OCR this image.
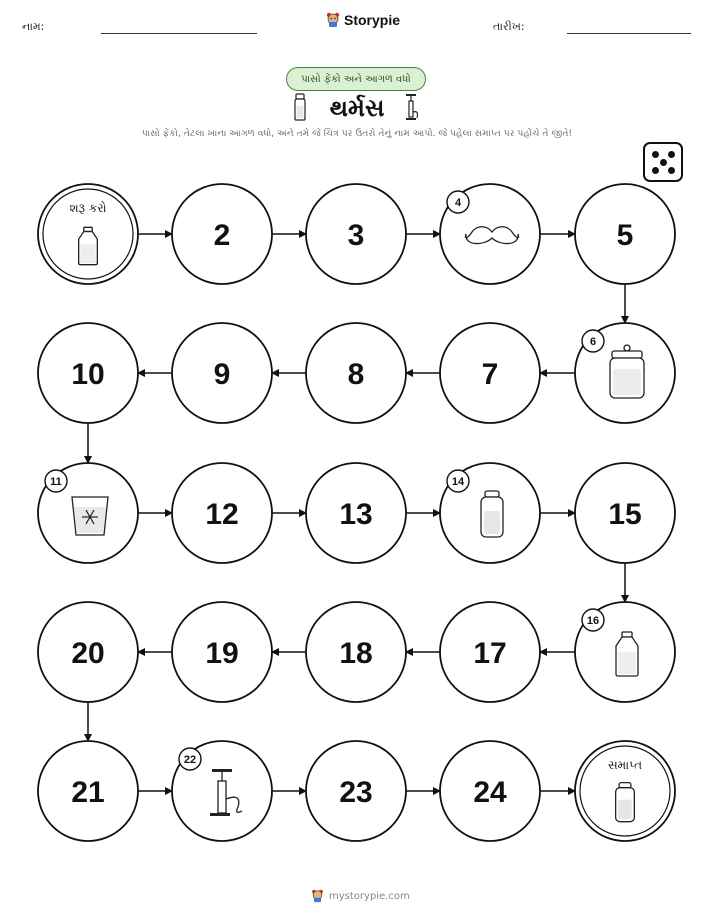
નામ:	Storypie	તારીખ:
પાસો ફેંકો અને આગળ વધો
થર્મસ
પાસો ફેંકો, તેટલા ખાના આગળ વધો, અને તમે જે ચિત્ર પર ઉતરો તેનું નામ આપો. જે પહેલા સમાપ્ત પર પહોંચે તે જીતે!
શરૂ કરો
2	3
4
5
6
7
8
9
10
11
12	13
14
15
16
17
18
19
20
21
22
23	24
સમાપ્ત
mystorypie.com
